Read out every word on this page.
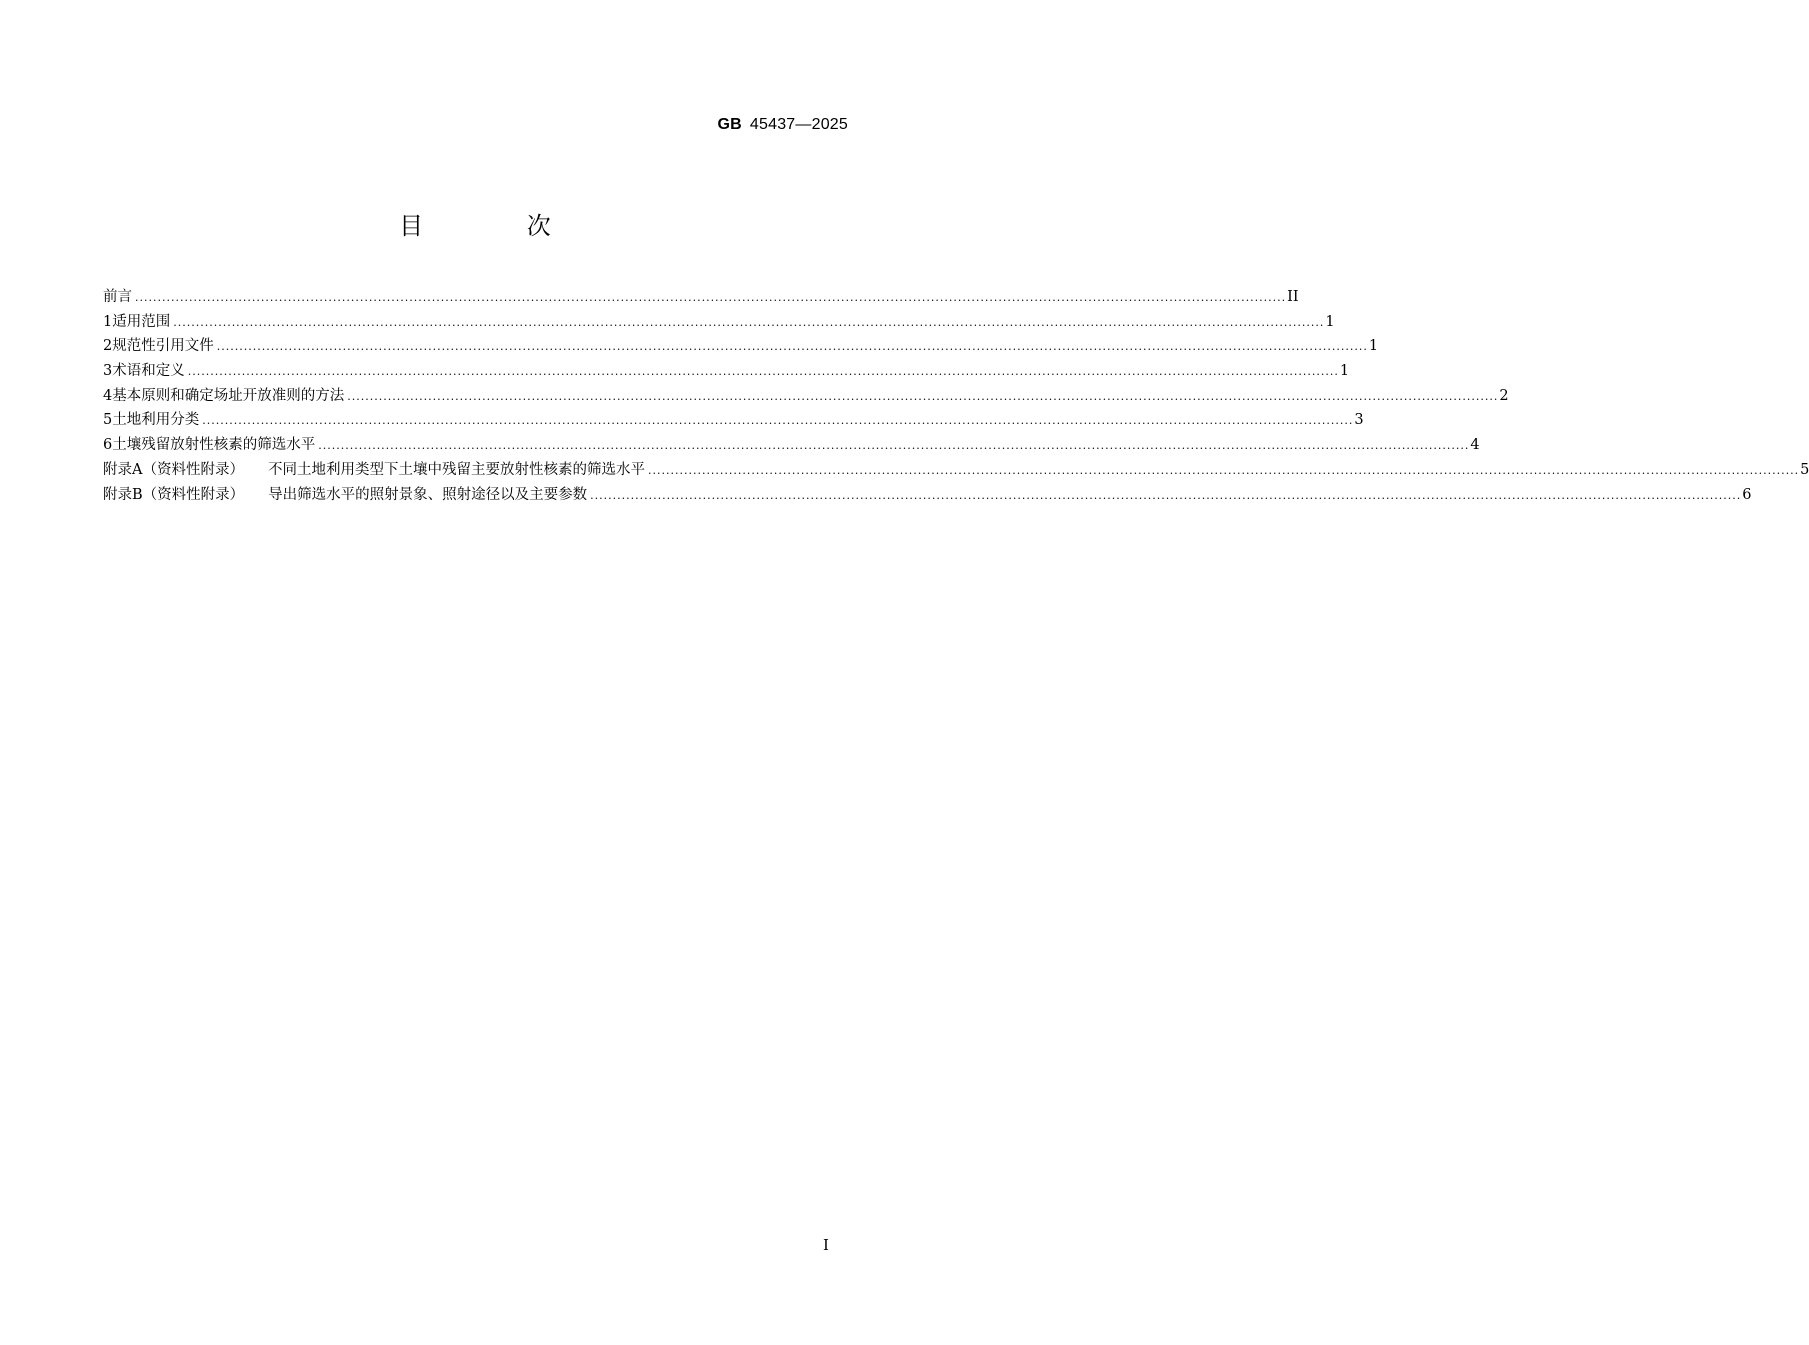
GB 45437—2025
目 次
前言 ................................................................................................................................................................................................................................................................ II
1 适用范围 ................................................................................................................................................................................................................................................................ 1
2 规范性引用文件 ................................................................................................................................................................................................................................................................ 1
3 术语和定义 ................................................................................................................................................................................................................................................................ 1
4 基本原则和确定场址开放准则的方法 ................................................................................................................................................................................................................................................................ 2
5 土地利用分类 ................................................................................................................................................................................................................................................................ 3
6 土壤残留放射性核素的筛选水平 ................................................................................................................................................................................................................................................................ 4
附录A（资料性附录） 不同土地利用类型下土壤中残留主要放射性核素的筛选水平 ................................................................................................................................................................................................................................................................ 5
附录B（资料性附录） 导出筛选水平的照射景象、照射途径以及主要参数 ................................................................................................................................................................................................................................................................ 6
I
